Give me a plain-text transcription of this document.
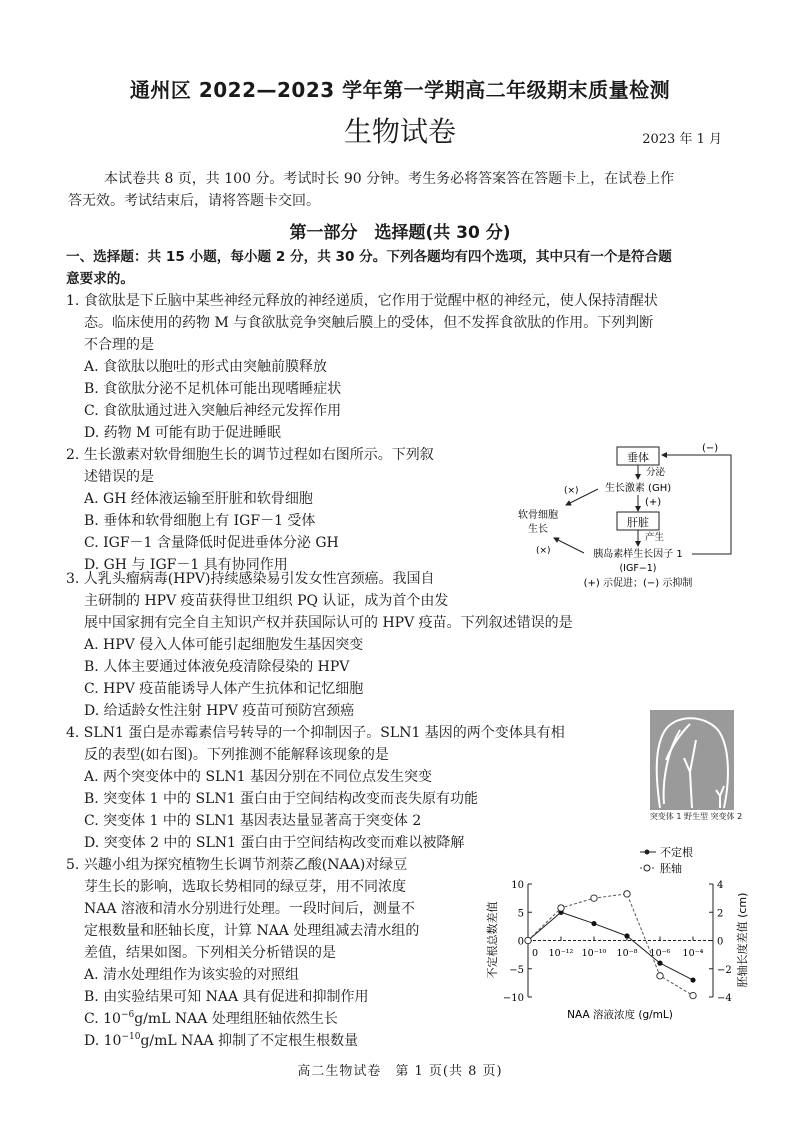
通州区 2022—2023 学年第一学期高二年级期末质量检测
生物试卷	2023 年 1 月
本试卷共 8 页，共 100 分。考试时长 90 分钟。考生务必将答案答在答题卡上，在试卷上作
答无效。考试结束后，请将答题卡交回。
第一部分　选择题(共 30 分)
一、选择题：共 15 小题，每小题 2 分，共 30 分。下列各题均有四个选项，其中只有一个是符合题
意要求的。
1. 食欲肽是下丘脑中某些神经元释放的神经递质，它作用于觉醒中枢的神经元，使人保持清醒状
态。临床使用的药物 M 与食欲肽竞争突触后膜上的受体，但不发挥食欲肽的作用。下列判断
不合理的是
A. 食欲肽以胞吐的形式由突触前膜释放
B. 食欲肽分泌不足机体可能出现嗜睡症状
C. 食欲肽通过进入突触后神经元发挥作用
D. 药物 M 可能有助于促进睡眠
2. 生长激素对软骨细胞生长的调节过程如右图所示。下列叙
述错误的是
A. GH 经体液运输至肝脏和软骨细胞
B. 垂体和软骨细胞上有 IGF－1 受体
C. IGF－1 含量降低时促进垂体分泌 GH
D. GH 与 IGF－1 具有协同作用
垂体
(−)
分泌
生长激素 (GH)
(+)
肝脏
产生
胰岛素样生长因子 1
(IGF−1)
(+) 示促进；(−) 示抑制
软骨细胞
生长
(×)
(×)
3. 人乳头瘤病毒(HPV)持续感染易引发女性宫颈癌。我国自
主研制的 HPV 疫苗获得世卫组织 PQ 认证，成为首个由发
展中国家拥有完全自主知识产权并获国际认可的 HPV 疫苗。下列叙述错误的是
A. HPV 侵入人体可能引起细胞发生基因突变
B. 人体主要通过体液免疫清除侵染的 HPV
C. HPV 疫苗能诱导人体产生抗体和记忆细胞
D. 给适龄女性注射 HPV 疫苗可预防宫颈癌
4. SLN1 蛋白是赤霉素信号转导的一个抑制因子。SLN1 基因的两个变体具有相
反的表型(如右图)。下列推测不能解释该现象的是
A. 两个突变体中的 SLN1 基因分别在不同位点发生突变
B. 突变体 1 中的 SLN1 蛋白由于空间结构改变而丧失原有功能
C. 突变体 1 中的 SLN1 基因表达量显著高于突变体 2
D. 突变体 2 中的 SLN1 蛋白由于空间结构改变而难以被降解
突变体 1 野生型 突变体 2
5. 兴趣小组为探究植物生长调节剂萘乙酸(NAA)对绿豆
芽生长的影响，选取长势相同的绿豆芽，用不同浓度
NAA 溶液和清水分别进行处理。一段时间后，测量不
定根数量和胚轴长度，计算 NAA 处理组减去清水组的
差值，结果如图。下列相关分析错误的是
A. 清水处理组作为该实验的对照组
B. 由实验结果可知 NAA 具有促进和抑制作用
C. $10^{-6}g/mL$ NAA 处理组胚轴依然生长
D. $10^{-10}g/mL$ NAA 抑制了不定根生根数量
不定根总数差值	胚轴长度差值 (cm)
NAA 溶液浓度 (g/mL)
不定根
胚轴
10
5
0
−5
−10
4
2
0
−2
−4
0 10⁻¹² 10⁻¹⁰ 10⁻⁸ 10⁻⁶ 10⁻⁴
高二生物试卷　第 1 页(共 8 页)
